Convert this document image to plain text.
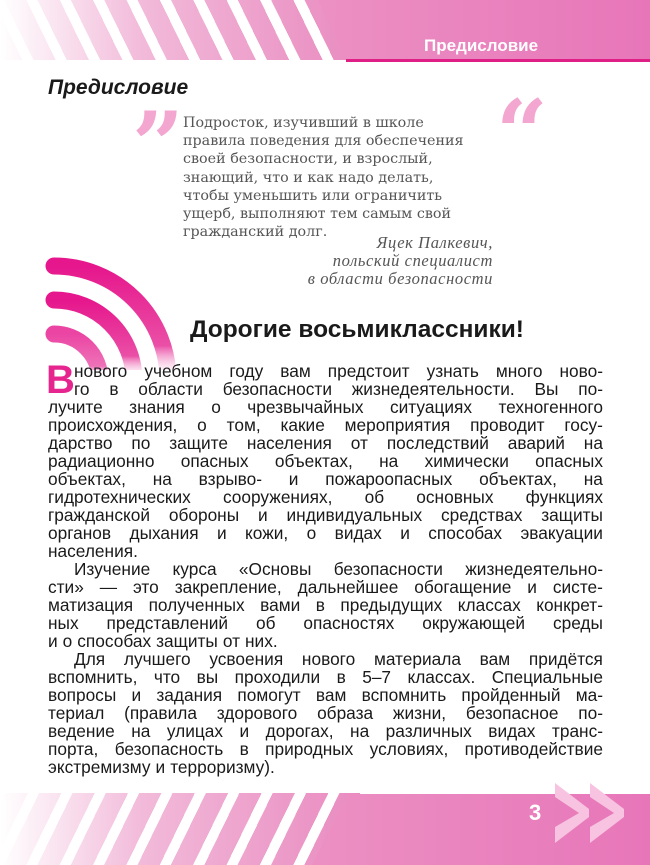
Предисловие
Предисловие
”	“
Подросток, изучивший в школе
правила поведения для обеспечения
своей безопасности, и взрослый,
знающий, что и как надо делать,
чтобы уменьшить или ограничить
ущерб, выполняют тем самым свой
гражданский долг.
Яцек Палкевич,
польский специалист
в области безопасности
Дорогие восьмиклассники!
В нового учебном году вам предстоит узнать много ново-
го в области безопасности жизнедеятельности. Вы по-
лучите знания о чрезвычайных ситуациях техногенного
происхождения, о том, какие мероприятия проводит госу-
дарство по защите населения от последствий аварий на
радиационно опасных объектах, на химически опасных
объектах, на взрыво- и пожароопасных объектах, на
гидротехнических сооружениях, об основных функциях
гражданской обороны и индивидуальных средствах защиты
органов дыхания и кожи, о видах и способах эвакуации
населения.
Изучение курса «Основы безопасности жизнедеятельно-
сти» — это закрепление, дальнейшее обогащение и систе-
матизация полученных вами в предыдущих классах конкрет-
ных представлений об опасностях окружающей среды
и о способах защиты от них.
Для лучшего усвоения нового материала вам придётся
вспомнить, что вы проходили в 5–7 классах. Специальные
вопросы и задания помогут вам вспомнить пройденный ма-
териал (правила здорового образа жизни, безопасное по-
ведение на улицах и дорогах, на различных видах транс-
порта, безопасность в природных условиях, противодействие
экстремизму и терроризму).
3
